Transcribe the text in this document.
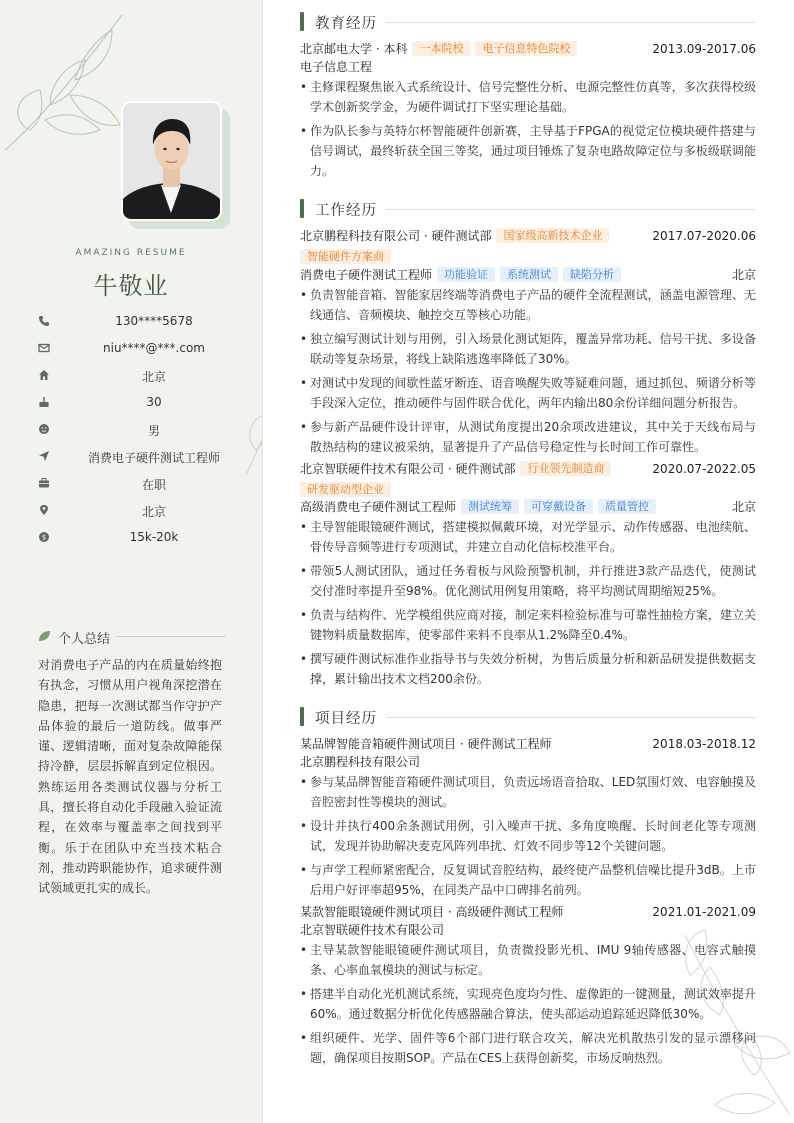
AMAZING RESUME
牛敬业
130****5678
niu****@***.com
北京
30
男
消费电子硬件测试工程师
在职
北京
$	15k-20k
个人总结
对消费电子产品的内在质量始终抱有执念，习惯从用户视角深挖潜在隐患，把每一次测试都当作守护产品体验的最后一道防线。做事严谨、逻辑清晰，面对复杂故障能保持冷静，层层拆解直到定位根因。熟练运用各类测试仪器与分析工具，擅长将自动化手段融入验证流程，在效率与覆盖率之间找到平衡。乐于在团队中充当技术粘合剂，推动跨职能协作，追求硬件测试领域更扎实的成长。
教育经历
北京邮电大学 · 本科 一本院校 电子信息特色院校	2013.09-2017.06
电子信息工程
• 主修课程聚焦嵌入式系统设计、信号完整性分析、电源完整性仿真等，多次获得校级学术创新奖学金，为硬件调试打下坚实理论基础。
• 作为队长参与英特尔杯智能硬件创新赛，主导基于FPGA的视觉定位模块硬件搭建与信号调试，最终斩获全国三等奖，通过项目锤炼了复杂电路故障定位与多板级联调能力。
工作经历
北京鹏程科技有限公司 · 硬件测试部 国家级高新技术企业	2017.07-2020.06
智能硬件方案商
消费电子硬件测试工程师 功能验证 系统测试 缺陷分析	北京
• 负责智能音箱、智能家居终端等消费电子产品的硬件全流程测试，涵盖电源管理、无线通信、音频模块、触控交互等核心功能。
• 独立编写测试计划与用例，引入场景化测试矩阵，覆盖异常功耗、信号干扰、多设备联动等复杂场景，将线上缺陷逃逸率降低了30%。
• 对测试中发现的间歇性蓝牙断连、语音唤醒失败等疑难问题，通过抓包、频谱分析等手段深入定位，推动硬件与固件联合优化，两年内输出80余份详细问题分析报告。
• 参与新产品硬件设计评审，从测试角度提出20余项改进建议，其中关于天线布局与散热结构的建议被采纳，显著提升了产品信号稳定性与长时间工作可靠性。
北京智联硬件技术有限公司 · 硬件测试部 行业领先制造商	2020.07-2022.05
研发驱动型企业
高级消费电子硬件测试工程师 测试统筹 可穿戴设备 质量管控	北京
• 主导智能眼镜硬件测试，搭建模拟佩戴环境，对光学显示、动作传感器、电池续航、骨传导音频等进行专项测试，并建立自动化信标校准平台。
• 带领5人测试团队，通过任务看板与风险预警机制，并行推进3款产品迭代，使测试交付准时率提升至98%。优化测试用例复用策略，将平均测试周期缩短25%。
• 负责与结构件、光学模组供应商对接，制定来料检验标准与可靠性抽检方案，建立关键物料质量数据库，使零部件来料不良率从1.2%降至0.4%。
• 撰写硬件测试标准作业指导书与失效分析树，为售后质量分析和新品研发提供数据支撑，累计输出技术文档200余份。
项目经历
某品牌智能音箱硬件测试项目 · 硬件测试工程师	2018.03-2018.12
北京鹏程科技有限公司
• 参与某品牌智能音箱硬件测试项目，负责远场语音拾取、LED氛围灯效、电容触摸及音腔密封性等模块的测试。
• 设计并执行400余条测试用例，引入噪声干扰、多角度唤醒、长时间老化等专项测试，发现并协助解决麦克风阵列串扰、灯效不同步等12个关键问题。
• 与声学工程师紧密配合，反复调试音腔结构，最终使产品整机信噪比提升3dB。上市后用户好评率超95%，在同类产品中口碑排名前列。
某款智能眼镜硬件测试项目 · 高级硬件测试工程师	2021.01-2021.09
北京智联硬件技术有限公司
• 主导某款智能眼镜硬件测试项目，负责微投影光机、IMU 9轴传感器、电容式触摸条、心率血氧模块的测试与标定。
• 搭建半自动化光机测试系统，实现亮色度均匀性、虚像距的一键测量，测试效率提升60%。通过数据分析优化传感器融合算法，使头部运动追踪延迟降低30%。
• 组织硬件、光学、固件等6个部门进行联合攻关，解决光机散热引发的显示漂移问题，确保项目按期SOP。产品在CES上获得创新奖，市场反响热烈。
